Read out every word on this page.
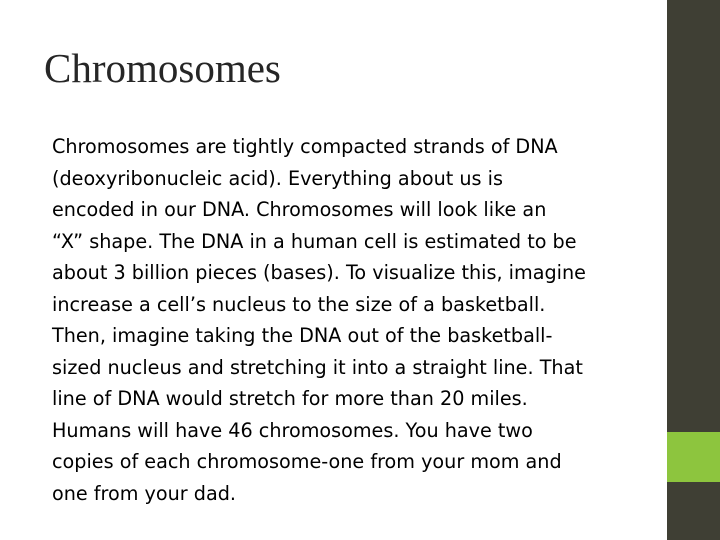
Chromosomes

Chromosomes are tightly compacted strands of DNA
(deoxyribonucleic acid). Everything about us is
encoded in our DNA. Chromosomes will look like an
“X” shape. The DNA in a human cell is estimated to be
about 3 billion pieces (bases). To visualize this, imagine
increase a cell’s nucleus to the size of a basketball.
Then, imagine taking the DNA out of the basketball-
sized nucleus and stretching it into a straight line. That
line of DNA would stretch for more than 20 miles.
Humans will have 46 chromosomes. You have two
copies of each chromosome-one from your mom and
one from your dad.
